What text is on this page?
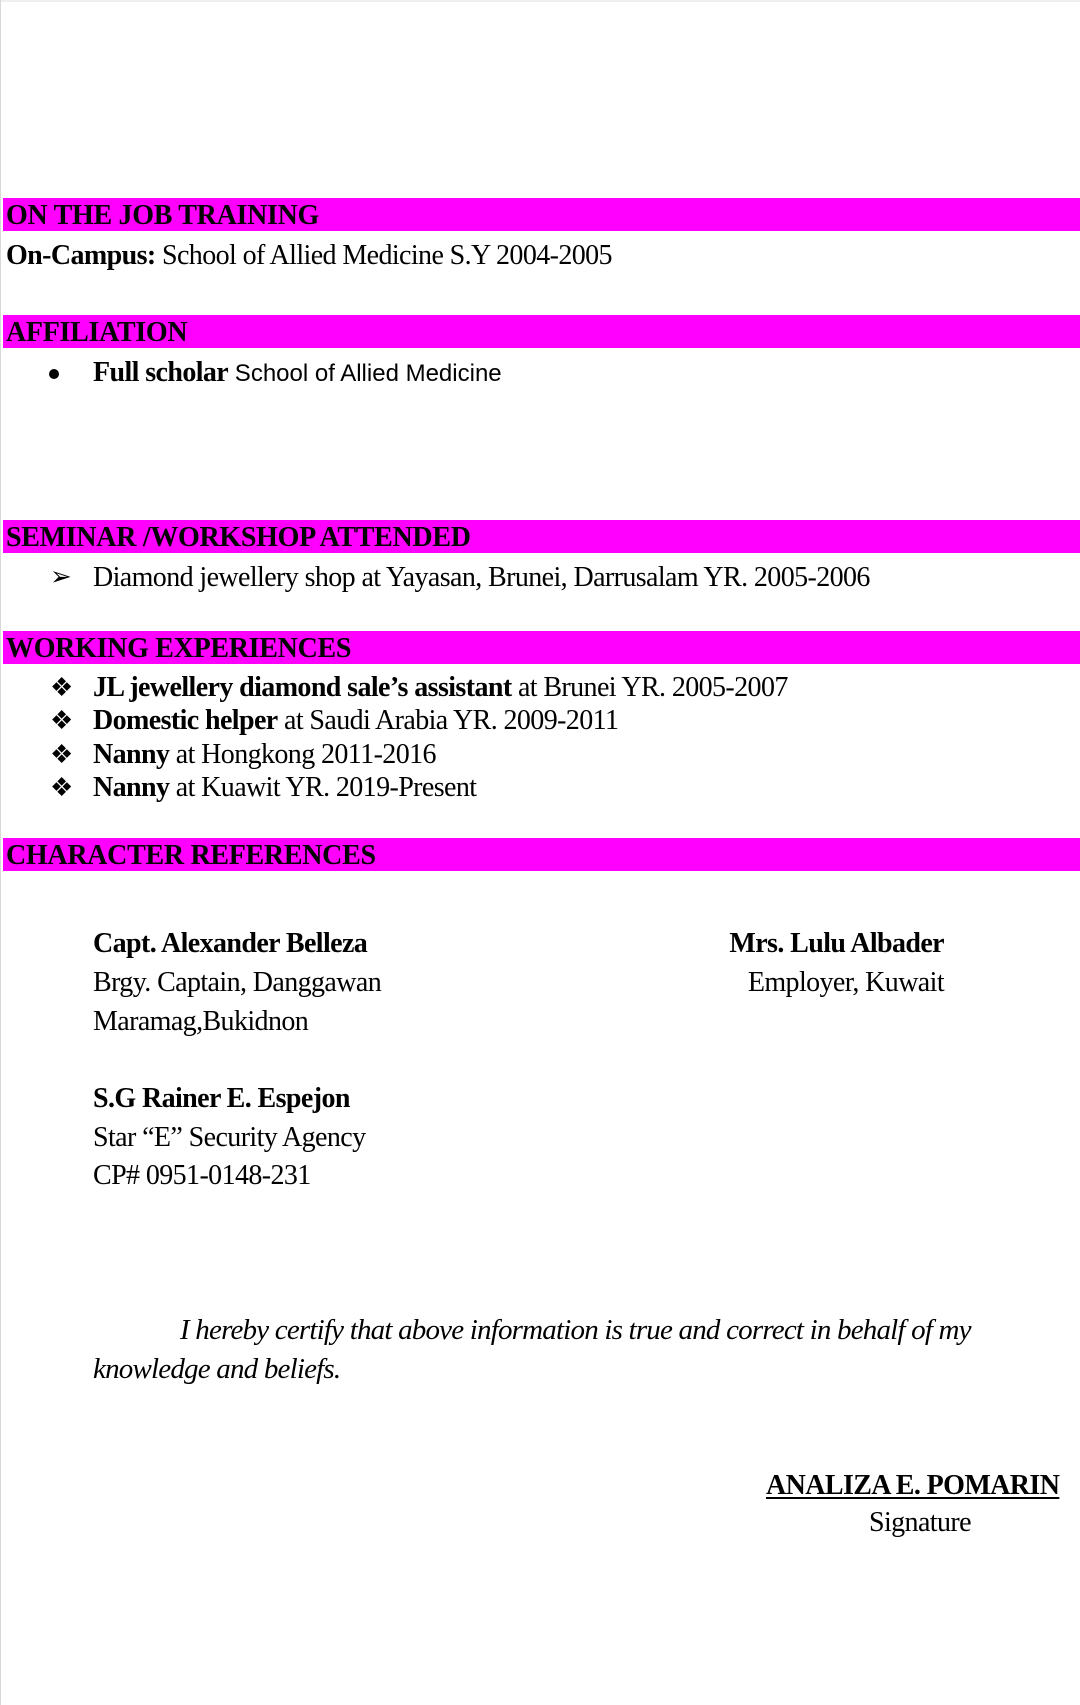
ON THE JOB TRAINING
On-Campus: School of Allied Medicine S.Y 2004-2005
AFFILIATION
Full scholar School of Allied Medicine
SEMINAR /WORKSHOP ATTENDED
➢ Diamond jewellery shop at Yayasan, Brunei, Darrusalam YR. 2005-2006
WORKING EXPERIENCES
❖ JL jewellery diamond sale’s assistant at Brunei YR. 2005-2007
❖ Domestic helper at Saudi Arabia YR. 2009-2011
❖ Nanny at Hongkong 2011-2016
❖ Nanny at Kuawit YR. 2019-Present
CHARACTER REFERENCES
Capt. Alexander Belleza
Brgy. Captain, Danggawan
Maramag,Bukidnon
Mrs. Lulu Albader
Employer, Kuwait
S.G Rainer E. Espejon
Star “E” Security Agency
CP# 0951-0148-231
I hereby certify that above information is true and correct in behalf of my
knowledge and beliefs.
ANALIZA E. POMARIN
Signature
